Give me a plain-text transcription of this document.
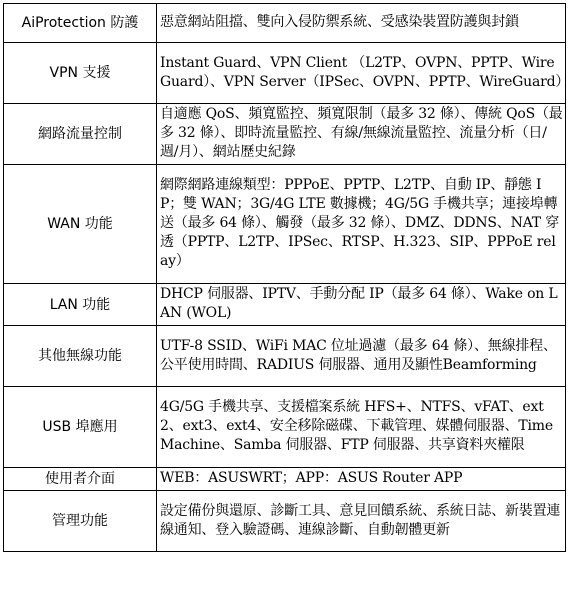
AiProtection 防護	惡意網站阻擋、雙向入侵防禦系統、受感染裝置防護與封鎖
VPN 支援	Instant Guard、VPN Client （L2TP、OVPN、PPTP、WireGuard）、VPN Server（IPSec、OVPN、PPTP、WireGuard）
網路流量控制	自適應 QoS、頻寬監控、頻寬限制（最多 32 條）、傳統 QoS（最多 32 條）、即時流量監控、有線/無線流量監控、流量分析（日/週/月）、網站歷史紀錄
WAN 功能	網際網路連線類型：PPPoE、PPTP、L2TP、自動 IP、靜態 IP；雙 WAN；3G/4G LTE 數據機；4G/5G 手機共享；連接埠轉送（最多 64 條）、觸發（最多 32 條）、DMZ、DDNS、NAT 穿透（PPTP、L2TP、IPSec、RTSP、H.323、SIP、PPPoE relay）
LAN 功能	DHCP 伺服器、IPTV、手動分配 IP（最多 64 條）、Wake on LAN (WOL)
其他無線功能	UTF-8 SSID、WiFi MAC 位址過濾（最多 64 條）、無線排程、公平使用時間、RADIUS 伺服器、通用及顯性Beamforming
USB 埠應用	4G/5G 手機共享、支援檔案系統 HFS+、NTFS、vFAT、ext2、ext3、ext4、安全移除磁碟、下載管理、媒體伺服器、Time Machine、Samba 伺服器、FTP 伺服器、共享資料夾權限
使用者介面	WEB：ASUSWRT；APP：ASUS Router APP
管理功能	設定備份與還原、診斷工具、意見回饋系統、系統日誌、新裝置連線通知、登入驗證碼、連線診斷、自動韌體更新
